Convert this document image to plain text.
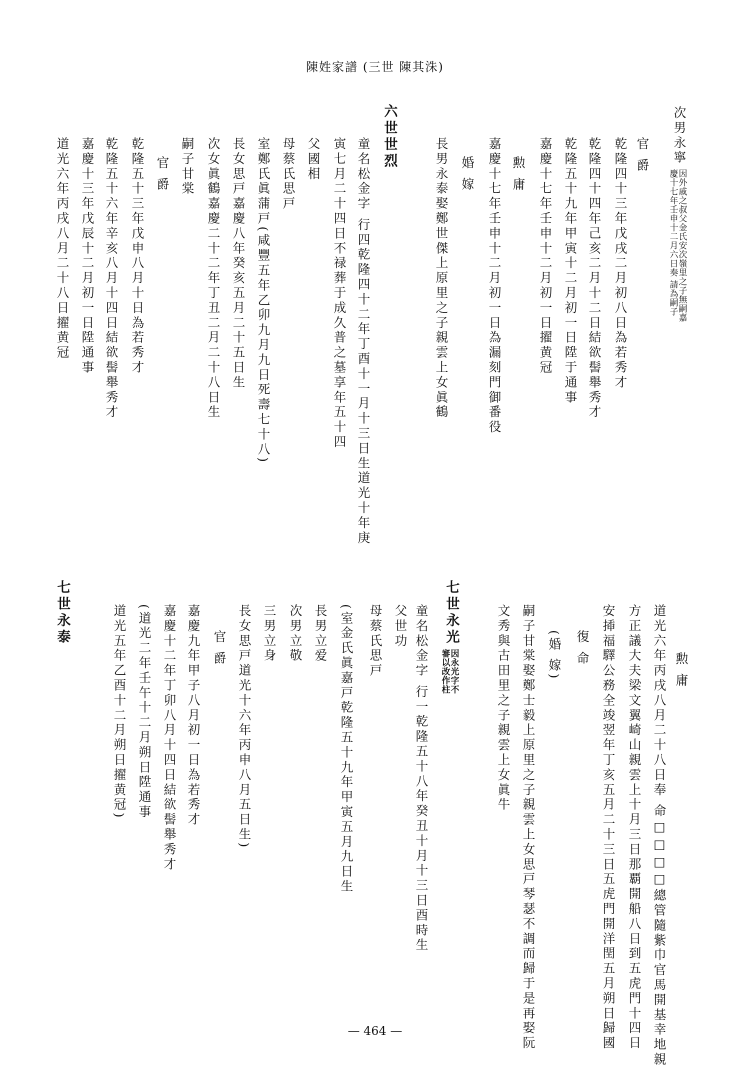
陳姓家譜 (三世 陳其洙)
次男永寧
因外戚之叔父金氏安次嶺里之子無嗣嘉
慶十七年壬申十二月六日奏 請為嗣子
官 爵
乾隆四十三年戊戌二月初八日為若秀才
乾隆四十四年己亥二月十二日結欲髻舉秀才
乾隆五十九年甲寅十二月初一日陞于通事
嘉慶十七年壬申十二月初一日擢黄冠
勲 庸
嘉慶十七年壬申十二月初一日為漏刻門御番役
婚 嫁
長男永泰娶鄭世傑上原里之子親雲上女眞鶴
六世世烈
童名松金字 行四乾隆四十二年丁酉十一月十三日生道光十年庚
寅七月二十四日不禄葬于成久普之墓享年五十四
父國相
母蔡氏思戸
室鄭氏眞蒲戸(咸豐五年乙卯九月九日死壽七十八)
長女思戸嘉慶八年癸亥五月二十五日生
次女眞鶴嘉慶二十二年丁丑二月二十八日生
嗣子甘棠
官 爵
乾隆五十三年戊申八月十日為若秀才
乾隆五十六年辛亥八月十四日結欲髻舉秀才
嘉慶十三年戊辰十二月初一日陞通事
道光六年丙戌八月二十八日擢黄冠
勲 庸
道光六年丙戌八月二十八日奉 命□□□□總管隨紫巾官馬開基幸地親
方正議大夫梁文翼崎山親雲上十月三日那覇開船八日到五虎門十四日
安揷福驛公務全竣翌年丁亥五月二十三日五虎門開洋閏五月朔日歸國
復 命
(婚 嫁)
嗣子甘棠娶鄭士毅上原里之子親雲上女思戸琴瑟不調而歸于是再娶阮
文秀與古田里之子親雲上女眞牛
七世永光
因永光字不
審以改作柱
童名松金字 行一乾隆五十八年癸丑十月十三日酉時生
父世功
母蔡氏思戸
(室金氏眞嘉戸乾隆五十九年甲寅五月九日生
長男立爱
次男立敬
三男立身
長女思戸道光十六年丙申八月五日生)
官 爵
嘉慶九年甲子八月初一日為若秀才
嘉慶十二年丁卯八月十四日結欲髻舉秀才
(道光二年壬午十二月朔日陞通事
道光五年乙酉十二月朔日擢黄冠)
七世永泰
— 464 —
